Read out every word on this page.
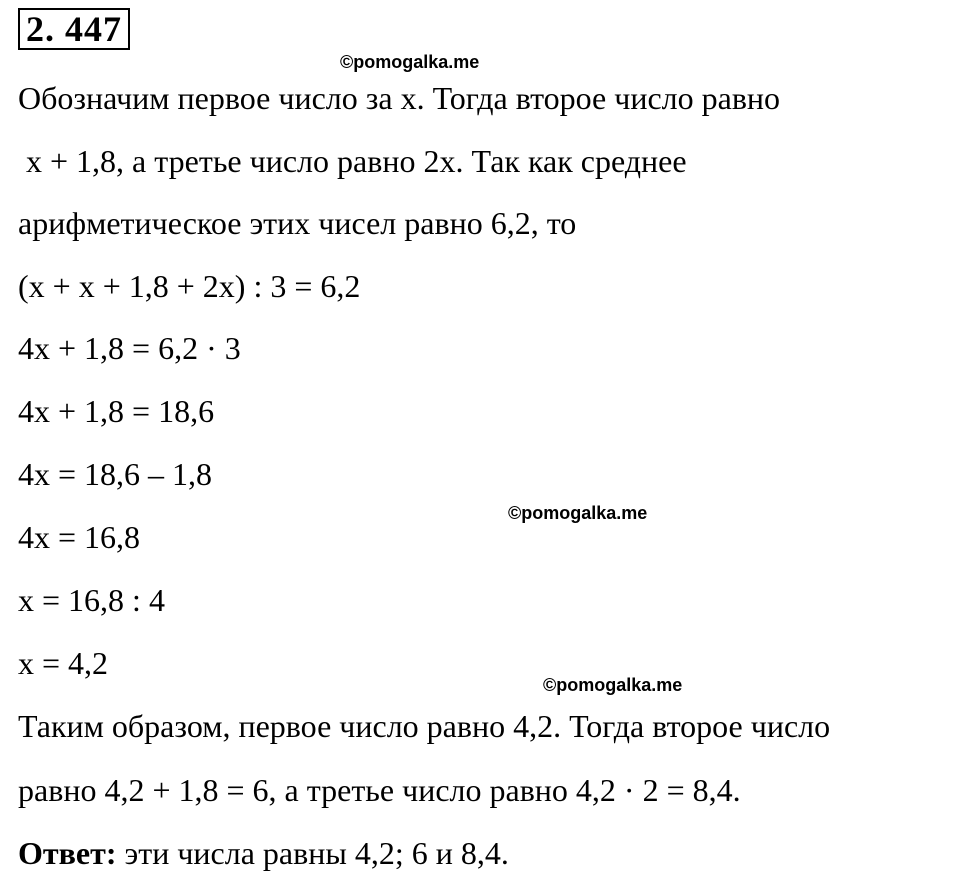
2. 447
©pomogalka.me
Обозначим первое число за x. Тогда второе число равно
x + 1,8, а третье число равно 2x. Так как среднее
арифметическое этих чисел равно 6,2, то
(x + x + 1,8 + 2x) : 3 = 6,2
4x + 1,8 = 6,2 · 3
4x + 1,8 = 18,6
4x = 18,6 – 1,8
©pomogalka.me
4x = 16,8
x = 16,8 : 4
x = 4,2
©pomogalka.me
Таким образом, первое число равно 4,2. Тогда второе число
равно 4,2 + 1,8 = 6, а третье число равно 4,2 · 2 = 8,4.
Ответ: эти числа равны 4,2; 6 и 8,4.
